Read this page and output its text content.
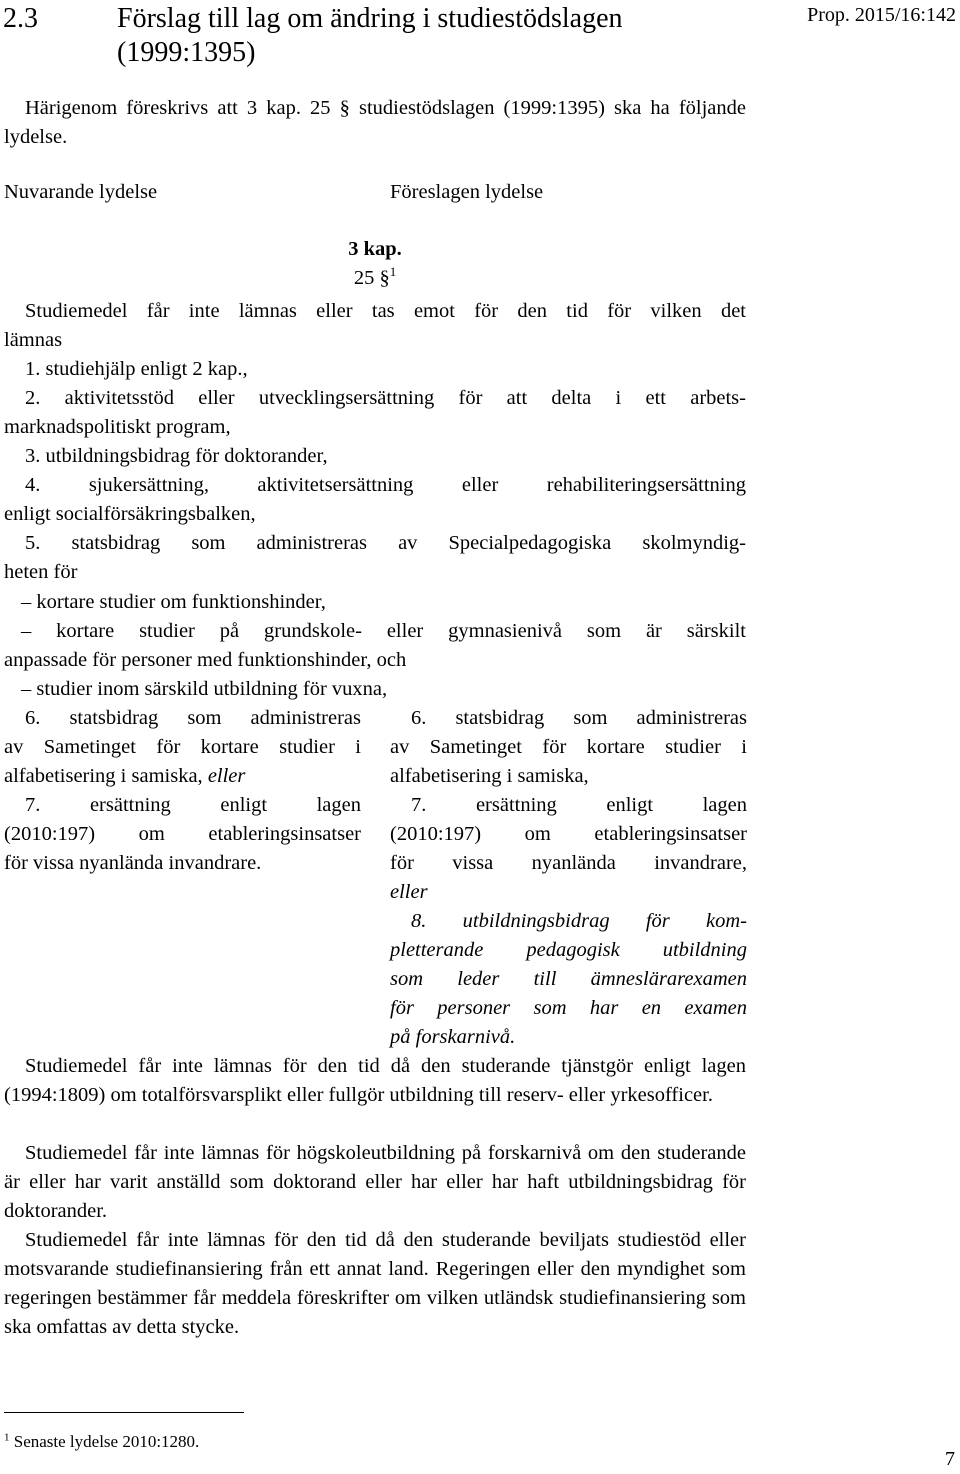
2.3	Förslag till lag om ändring i studiestödslagen (1999:1395)
Prop. 2015/16:142
Härigenom föreskrivs att 3 kap. 25 § studiestödslagen (1999:1395) ska ha följande lydelse.
Nuvarande lydelse	Föreslagen lydelse
3 kap.
25 §$^1$
Studiemedel får inte lämnas eller tas emot för den tid för vilken det
lämnas
1. studiehjälp enligt 2 kap.,
2. aktivitetsstöd eller utvecklingsersättning för att delta i ett arbets-
marknadspolitiskt program,
3. utbildningsbidrag för doktorander,
4. sjukersättning, aktivitetsersättning eller rehabiliteringsersättning
enligt socialförsäkringsbalken,
5. statsbidrag som administreras av Specialpedagogiska skolmyndig-
heten för
– kortare studier om funktionshinder,
– kortare studier på grundskole- eller gymnasienivå som är särskilt
anpassade för personer med funktionshinder, och
– studier inom särskild utbildning för vuxna,
6. statsbidrag som administreras
av Sametinget för kortare studier i
alfabetisering i samiska, eller
7. ersättning enligt lagen
(2010:197) om etableringsinsatser
för vissa nyanlända invandrare.
6. statsbidrag som administreras
av Sametinget för kortare studier i
alfabetisering i samiska,
7. ersättning enligt lagen
(2010:197) om etableringsinsatser
för vissa nyanlända invandrare,
eller
8. utbildningsbidrag för kom-
pletterande pedagogisk utbildning
som leder till ämneslärarexamen
för personer som har en examen
på forskarnivå.
Studiemedel får inte lämnas för den tid då den studerande tjänstgör enligt lagen (1994:1809) om totalförsvarsplikt eller fullgör utbildning till reserv- eller yrkesofficer.
Studiemedel får inte lämnas för högskoleutbildning på forskarnivå om den studerande är eller har varit anställd som doktorand eller har eller har haft utbildningsbidrag för doktorander.
Studiemedel får inte lämnas för den tid då den studerande beviljats studiestöd eller motsvarande studiefinansiering från ett annat land. Regeringen eller den myndighet som regeringen bestämmer får meddela föreskrifter om vilken utländsk studiefinansiering som ska omfattas av detta stycke.
$^1$ Senaste lydelse 2010:1280.
7
